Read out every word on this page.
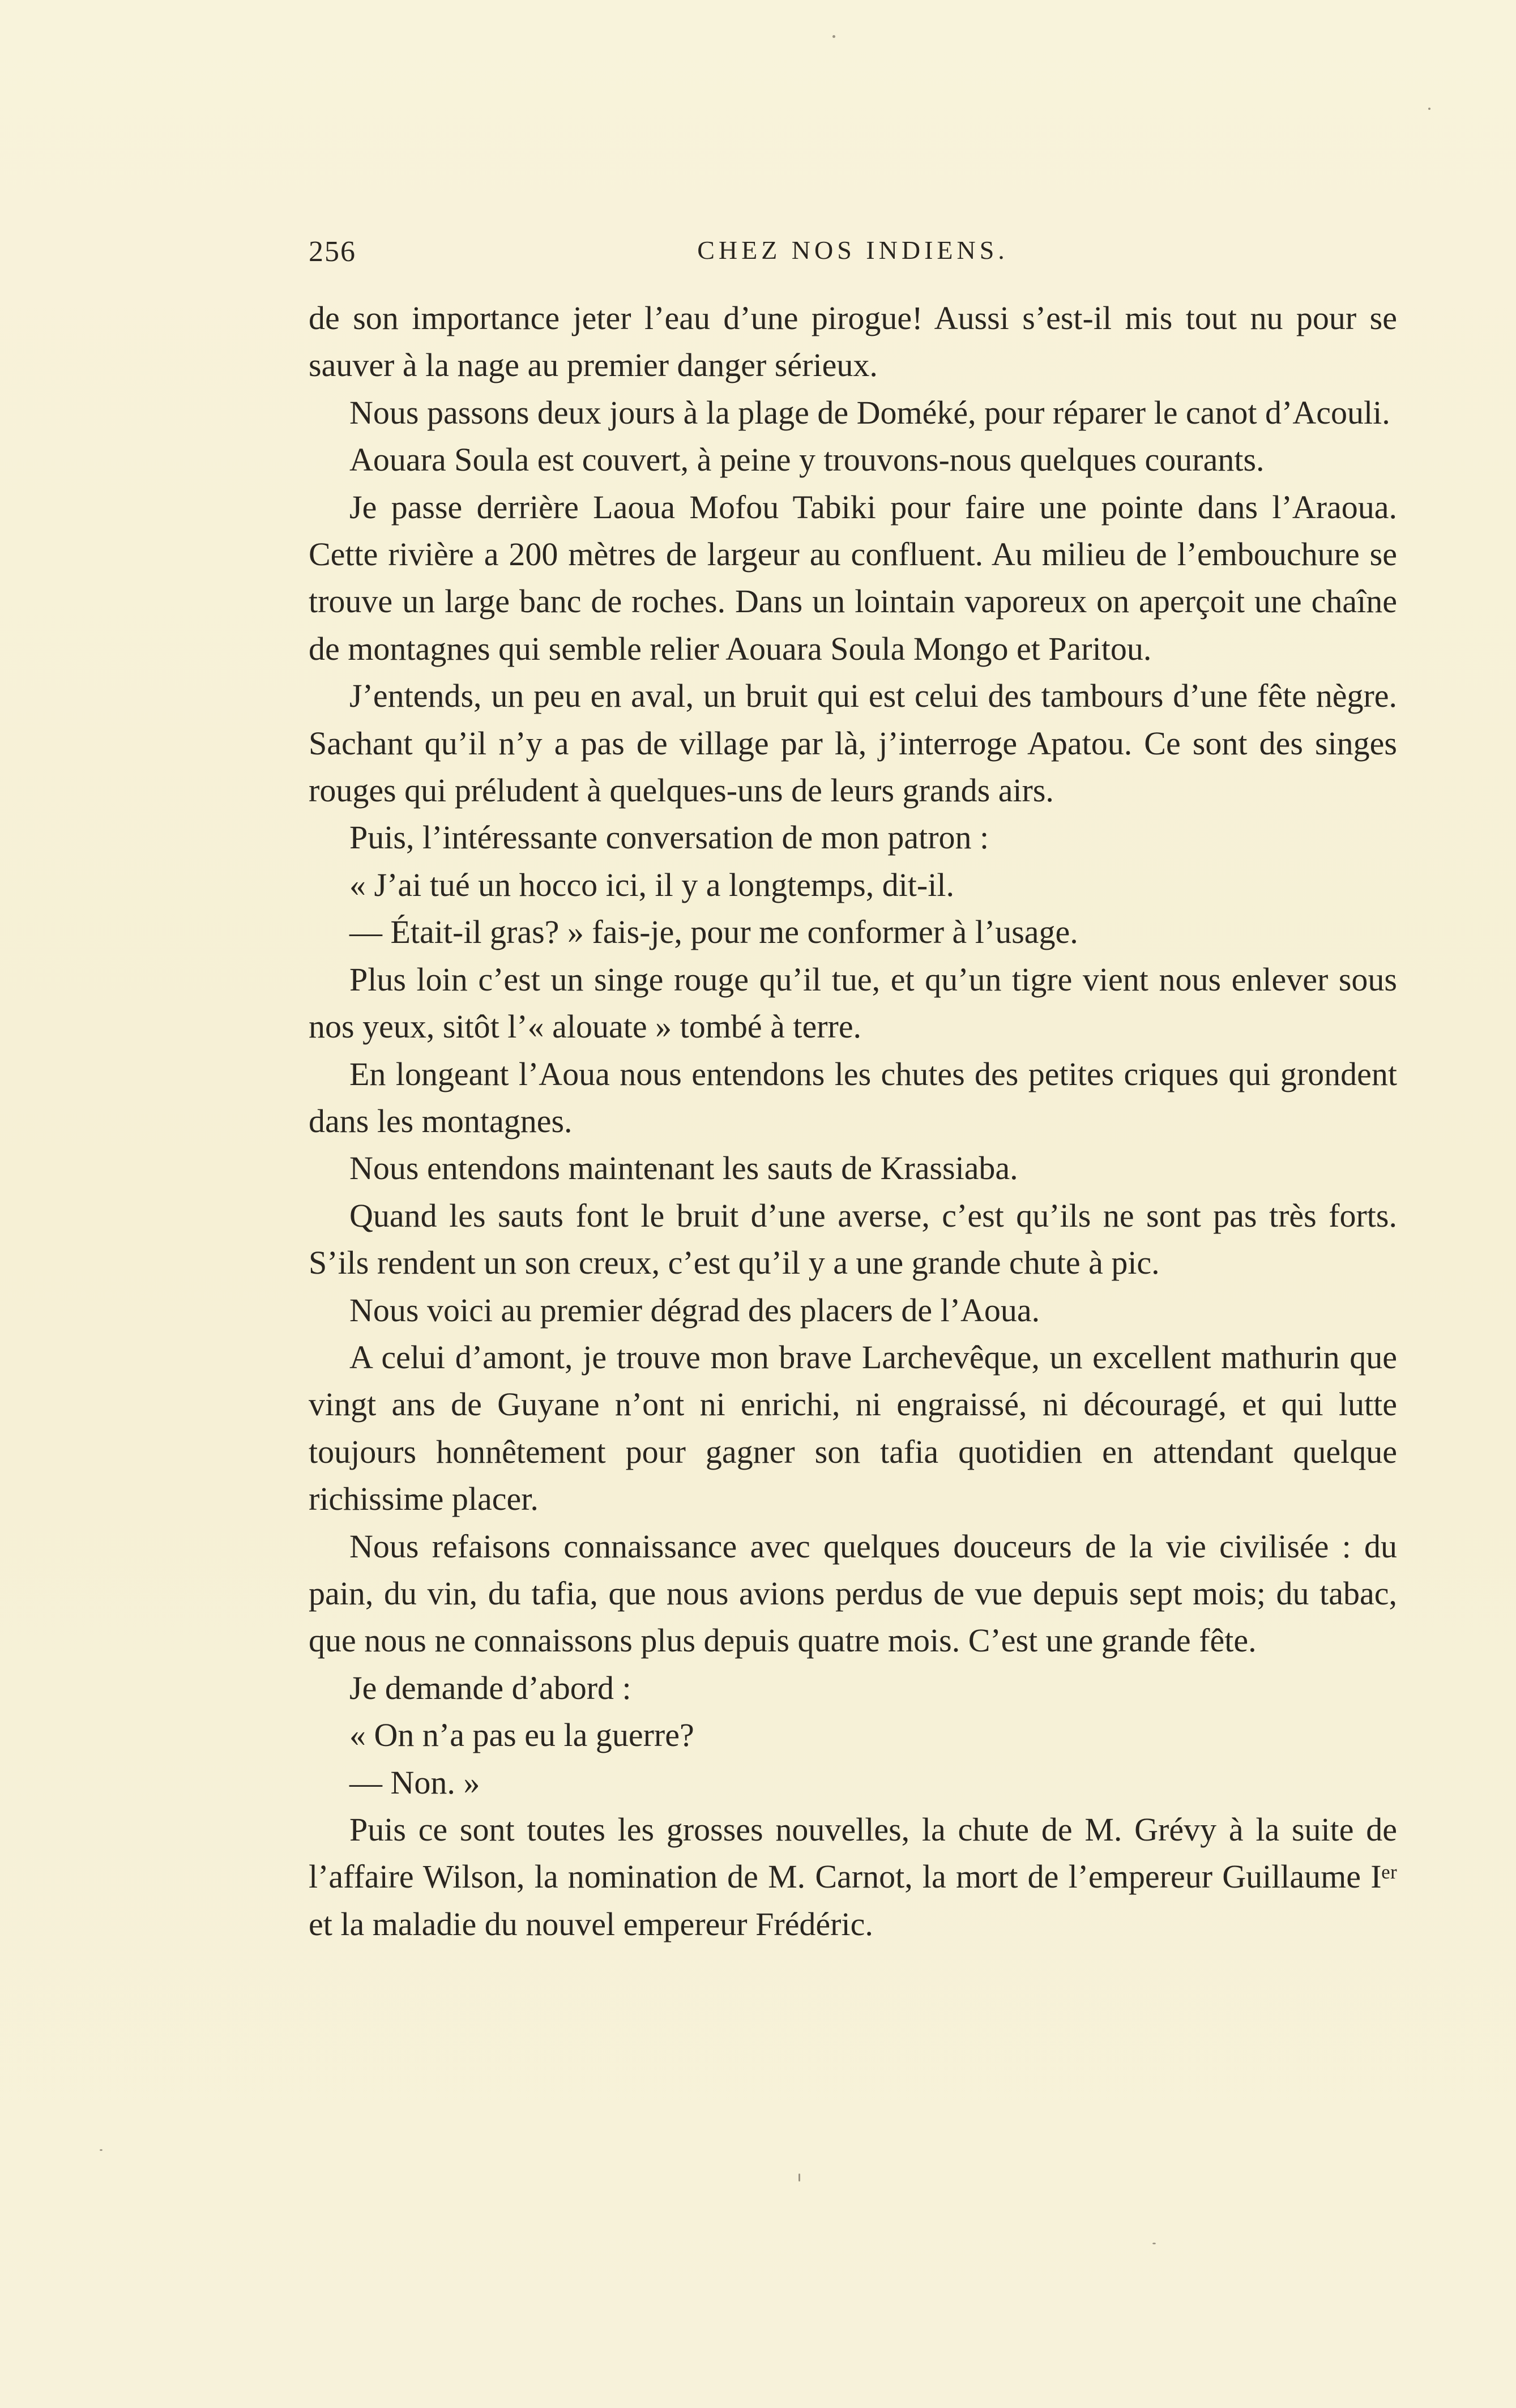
256	CHEZ NOS INDIENS.

de son importance jeter l’eau d’une pirogue! Aussi s’est-il mis tout nu pour se sauver à la nage au premier danger sérieux.

Nous passons deux jours à la plage de Doméké, pour réparer le canot d’Acouli.

Aouara Soula est couvert, à peine y trouvons-nous quelques courants.

Je passe derrière Laoua Mofou Tabiki pour faire une pointe dans l’Araoua. Cette rivière a 200 mètres de largeur au confluent. Au milieu de l’embouchure se trouve un large banc de roches. Dans un lointain vaporeux on aperçoit une chaîne de montagnes qui semble relier Aouara Soula Mongo et Paritou.

J’entends, un peu en aval, un bruit qui est celui des tambours d’une fête nègre. Sachant qu’il n’y a pas de village par là, j’interroge Apatou. Ce sont des singes rouges qui préludent à quelques-uns de leurs grands airs.

Puis, l’intéressante conversation de mon patron :

« J’ai tué un hocco ici, il y a longtemps, dit-il.

— Était-il gras? » fais-je, pour me conformer à l’usage.

Plus loin c’est un singe rouge qu’il tue, et qu’un tigre vient nous enlever sous nos yeux, sitôt l’« alouate » tombé à terre.

En longeant l’Aoua nous entendons les chutes des petites criques qui grondent dans les montagnes.

Nous entendons maintenant les sauts de Krassiaba.

Quand les sauts font le bruit d’une averse, c’est qu’ils ne sont pas très forts. S’ils rendent un son creux, c’est qu’il y a une grande chute à pic.

Nous voici au premier dégrad des placers de l’Aoua.

A celui d’amont, je trouve mon brave Larchevêque, un excellent mathurin que vingt ans de Guyane n’ont ni enrichi, ni engraissé, ni découragé, et qui lutte toujours honnêtement pour gagner son tafia quotidien en attendant quelque richissime placer.

Nous refaisons connaissance avec quelques douceurs de la vie civilisée : du pain, du vin, du tafia, que nous avions perdus de vue depuis sept mois; du tabac, que nous ne connaissons plus depuis quatre mois. C’est une grande fête.

Je demande d’abord :

« On n’a pas eu la guerre?

— Non. »

Puis ce sont toutes les grosses nouvelles, la chute de M. Grévy à la suite de l’affaire Wilson, la nomination de M. Carnot, la mort de l’empereur Guillaume Iᵉʳ et la maladie du nouvel empereur Frédéric.
